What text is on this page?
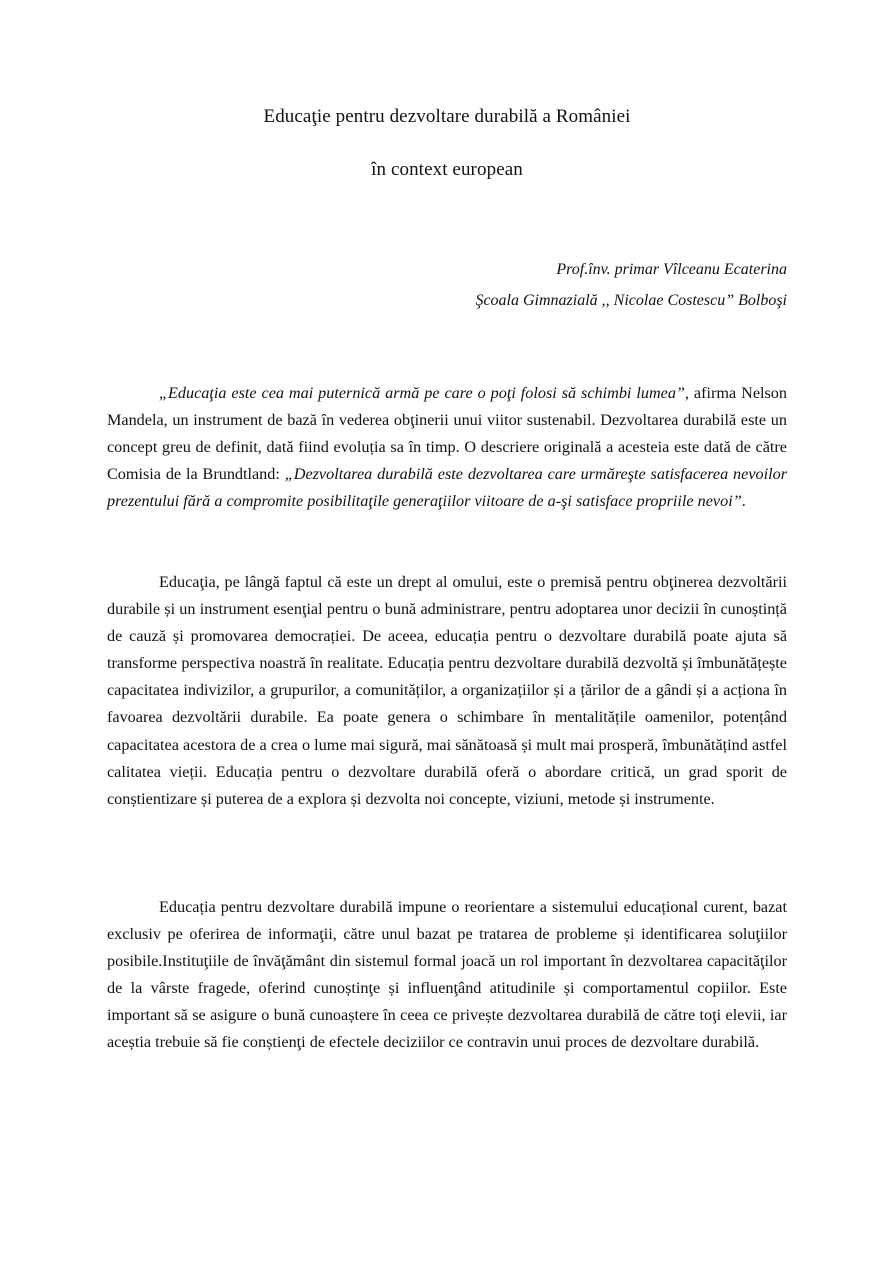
Educaţie pentru dezvoltare durabilă a României
în context european
Prof.înv. primar Vîlceanu Ecaterina
Şcoala Gimnazială ,, Nicolae Costescu” Bolboşi

„Educaţia este cea mai puternică armă pe care o poţi folosi să schimbi lumea”, afirma Nelson Mandela, un instrument de bază în vederea obţinerii unui viitor sustenabil. Dezvoltarea durabilă este un concept greu de definit, dată fiind evoluția sa în timp. O descriere originală a acesteia este dată de către Comisia de la Brundtland: „Dezvoltarea durabilă este dezvoltarea care urmăreşte satisfacerea nevoilor prezentului fără a compromite posibilitaţile generaţiilor viitoare de a-şi satisface propriile nevoi”.

Educaţia, pe lângă faptul că este un drept al omului, este o premisă pentru obţinerea dezvoltării durabile și un instrument esenţial pentru o bună administrare, pentru adoptarea unor decizii în cunoștință de cauză și promovarea democrației. De aceea, educația pentru o dezvoltare durabilă poate ajuta să transforme perspectiva noastră în realitate. Educația pentru dezvoltare durabilă dezvoltă și îmbunătățește capacitatea indivizilor, a grupurilor, a comunităților, a organizațiilor și a țărilor de a gândi și a acționa în favoarea dezvoltării durabile. Ea poate genera o schimbare în mentalitățile oamenilor, potențând capacitatea acestora de a crea o lume mai sigură, mai sănătoasă și mult mai prosperă, îmbunătățind astfel calitatea vieții. Educația pentru o dezvoltare durabilă oferă o abordare critică, un grad sporit de conștientizare și puterea de a explora și dezvolta noi concepte, viziuni, metode și instrumente.

Educația pentru dezvoltare durabilă impune o reorientare a sistemului educațional curent, bazat exclusiv pe oferirea de informaţii, către unul bazat pe tratarea de probleme și identificarea soluţiilor posibile.Instituţiile de învăţământ din sistemul formal joacă un rol important în dezvoltarea capacităţilor de la vârste fragede, oferind cunoștinţe și influenţând atitudinile și comportamentul copiilor. Este important să se asigure o bună cunoaștere în ceea ce privește dezvoltarea durabilă de către toţi elevii, iar aceștia trebuie să fie conștienţi de efectele deciziilor ce contravin unui proces de dezvoltare durabilă.
